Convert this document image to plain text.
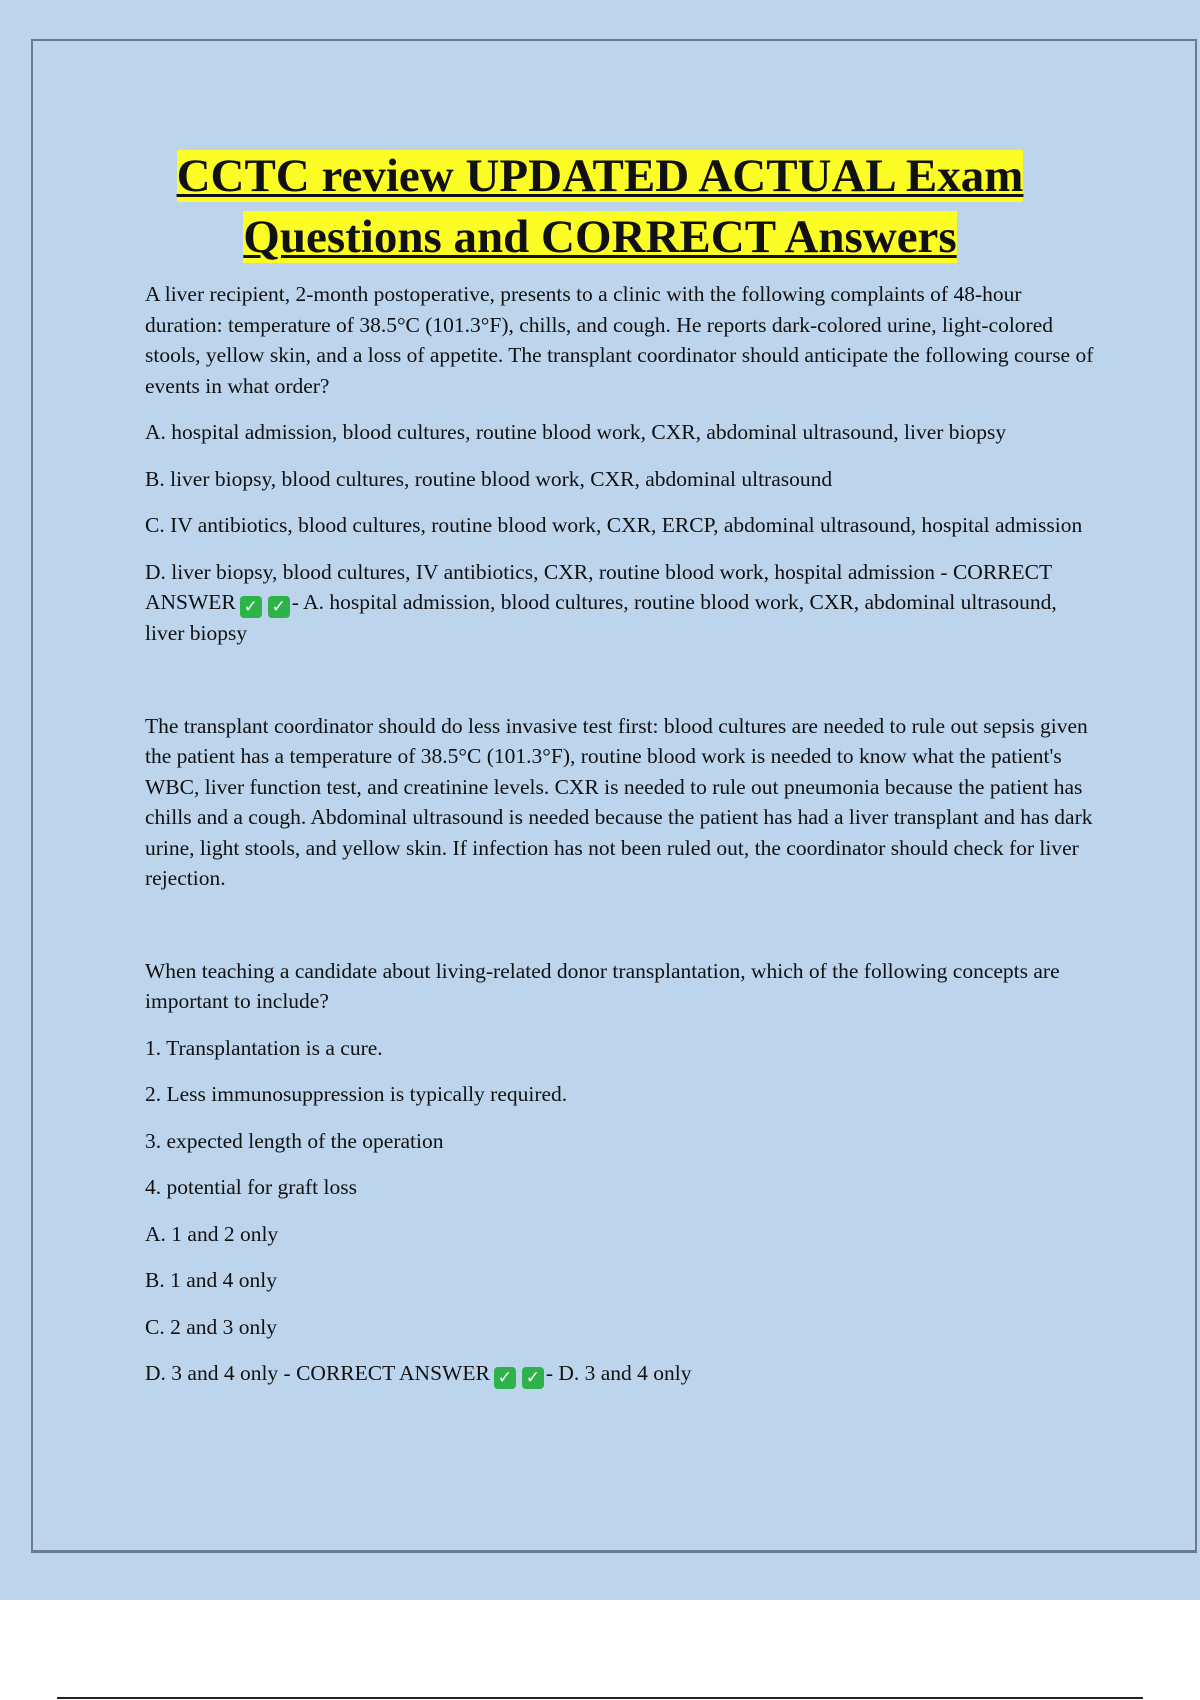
CCTC review UPDATED ACTUAL Exam Questions and CORRECT Answers

A liver recipient, 2-month postoperative, presents to a clinic with the following complaints of 48-hour duration: temperature of 38.5°C (101.3°F), chills, and cough. He reports dark-colored urine, light-colored stools, yellow skin, and a loss of appetite. The transplant coordinator should anticipate the following course of events in what order?

A. hospital admission, blood cultures, routine blood work, CXR, abdominal ultrasound, liver biopsy

B. liver biopsy, blood cultures, routine blood work, CXR, abdominal ultrasound

C. IV antibiotics, blood cultures, routine blood work, CXR, ERCP, abdominal ultrasound, hospital admission

D. liver biopsy, blood cultures, IV antibiotics, CXR, routine blood work, hospital admission - CORRECT ANSWER ✓ ✓ - A. hospital admission, blood cultures, routine blood work, CXR, abdominal ultrasound, liver biopsy

The transplant coordinator should do less invasive test first: blood cultures are needed to rule out sepsis given the patient has a temperature of 38.5°C (101.3°F), routine blood work is needed to know what the patient's WBC, liver function test, and creatinine levels. CXR is needed to rule out pneumonia because the patient has chills and a cough. Abdominal ultrasound is needed because the patient has had a liver transplant and has dark urine, light stools, and yellow skin. If infection has not been ruled out, the coordinator should check for liver rejection.

When teaching a candidate about living-related donor transplantation, which of the following concepts are important to include?

1. Transplantation is a cure.

2. Less immunosuppression is typically required.

3. expected length of the operation

4. potential for graft loss

A. 1 and 2 only

B. 1 and 4 only

C. 2 and 3 only

D. 3 and 4 only - CORRECT ANSWER ✓ ✓ - D. 3 and 4 only
